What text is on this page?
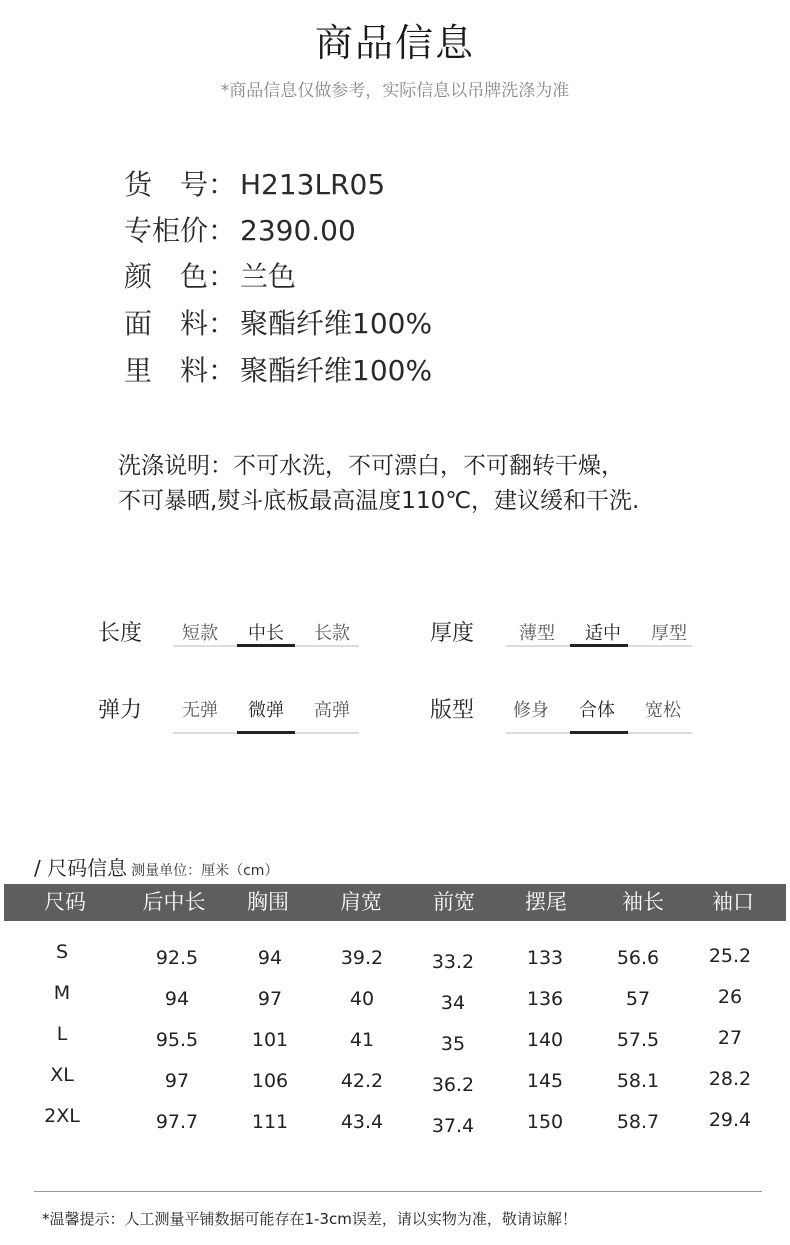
商品信息
*商品信息仅做参考，实际信息以吊牌洗涤为准
货　号： H213LR05
专柜价： 2390.00
颜　色： 兰色
面　料： 聚酯纤维100%
里　料： 聚酯纤维100%
洗涤说明：不可水洗，不可漂白，不可翻转干燥，
不可暴晒,熨斗底板最高温度110℃，建议缓和干洗.
长度	短款	中长	长款	厚度	薄型	适中	厚型
弹力	无弹	微弹	高弹	版型	修身	合体	宽松
/ 尺码信息 测量单位：厘米（cm）
尺码	后中长	胸围	肩宽	前宽	摆尾	袖长	袖口
S	92.5	94	39.2	33.2	133	56.6	25.2
M	94	97	40	34	136	57	26
L	95.5	101	41	35	140	57.5	27
XL	97	106	42.2	36.2	145	58.1	28.2
2XL	97.7	111	43.4	37.4	150	58.7	29.4
*温馨提示：人工测量平铺数据可能存在1-3cm误差，请以实物为准，敬请谅解！
